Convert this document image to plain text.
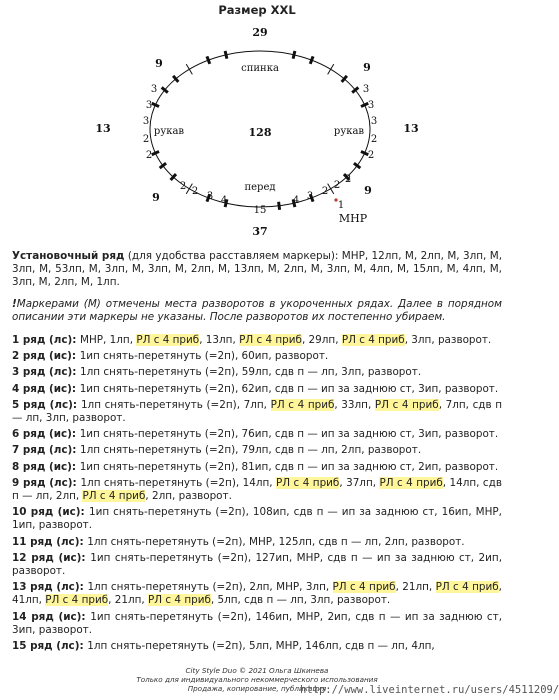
Размер XXL
29
спинка
128
перед
15
37
рукав	рукав
13	13
9	9
9
9
3
3
3
2
2
3
3
3
2
2
2 2 3 4	4 3 2
2
2
1
МНР
Установочный ряд (для удобства расставляем маркеры): МНР, 12лп, М, 2лп, М, 3лп, М, 3лп, М, 53лп, М, 3лп, М, 3лп, М, 2лп, М, 13лп, М, 2лп, М, 3лп, М, 4лп, М, 15лп, М, 4лп, М, 3лп, М, 2лп, М, 1лп.
!Маркерами (М) отмечены места разворотов в укороченных рядах. Далее в порядном описании эти маркеры не указаны. После разворотов их постепенно убираем.
1 ряд (лс): МНР, 1лп, РЛ с 4 приб, 13лп, РЛ с 4 приб, 29лп, РЛ с 4 приб, 3лп, разворот.
2 ряд (ис): 1ип снять-перетянуть (=2п), 60ип, разворот.
3 ряд (лс): 1лп снять-перетянуть (=2п), 59лп, сдв п — лп, 3лп, разворот.
4 ряд (ис): 1ип снять-перетянуть (=2п), 62ип, сдв п — ип за заднюю ст, 3ип, разворот.
5 ряд (лс): 1лп снять-перетянуть (=2п), 7лп, РЛ с 4 приб, 33лп, РЛ с 4 приб, 7лп, сдв п — лп, 3лп, разворот.
6 ряд (ис): 1ип снять-перетянуть (=2п), 76ип, сдв п — ип за заднюю ст, 3ип, разворот.
7 ряд (лс): 1лп снять-перетянуть (=2п), 79лп, сдв п — лп, 2лп, разворот.
8 ряд (ис): 1ип снять-перетянуть (=2п), 81ип, сдв п — ип за заднюю ст, 2ип, разворот.
9 ряд (лс): 1лп снять-перетянуть (=2п), 14лп, РЛ с 4 приб, 37лп, РЛ с 4 приб, 14лп, сдв п — лп, 2лп, РЛ с 4 приб, 2лп, разворот.
10 ряд (ис): 1ип снять-перетянуть (=2п), 108ип, сдв п — ип за заднюю ст, 16ип, МНР, 1ип, разворот.
11 ряд (лс): 1лп снять-перетянуть (=2п), МНР, 125лп, сдв п — лп, 2лп, разворот.
12 ряд (ис): 1ип снять-перетянуть (=2п), 127ип, МНР, сдв п — ип за заднюю ст, 2ип, разворот.
13 ряд (лс): 1лп снять-перетянуть (=2п), 2лп, МНР, 3лп, РЛ с 4 приб, 21лп, РЛ с 4 приб, 41лп, РЛ с 4 приб, 21лп, РЛ с 4 приб, 5лп, сдв п — лп, 3лп, разворот.
14 ряд (ис): 1ип снять-перетянуть (=2п), 146ип, МНР, 2ип, сдв п — ип за заднюю ст, 3ип, разворот.
15 ряд (лс): 1лп снять-перетянуть (=2п), 5лп, МНР, 146лп, сдв п — лп, 4лп,
City Style Duo © 2021 Ольга Шкинева
Только для индивидуального некоммерческого использования
Продажа, копирование, публикация
http://www.liveinternet.ru/users/4511209/
